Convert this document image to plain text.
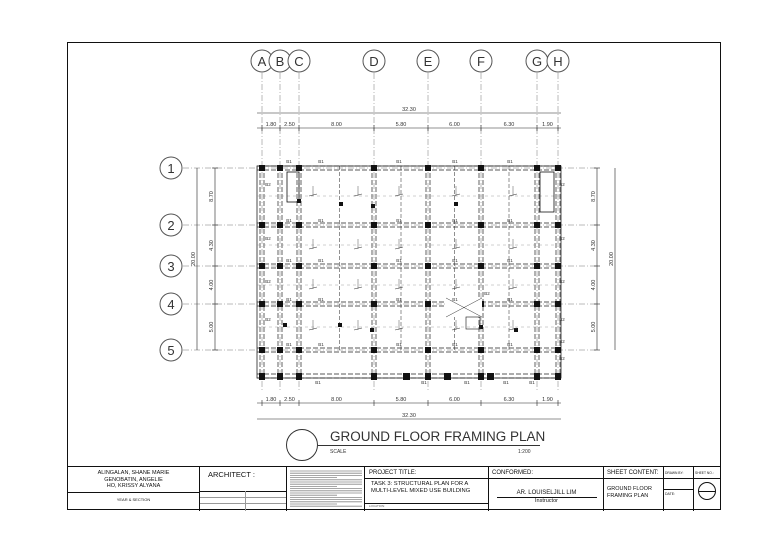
A B C	D	E	F	G H
1
2
3
4
5
1.80 2.50	8.00	5.80	6.00	6.30	1.90
32.30
1.80 2.50	8.00	5.80	6.00	6.30	1.90
32.30
8.70
4.30
4.00
5.00
20.00
8.70
4.30
4.00
5.00
20.00
B1	B1	B1	B1	B1
B1	B1	B1	B1	B1
B1	B1	B1	B1	B1
B1	B1	B1	B1	B1
B1	B1	B1	B1	B1
B1	B1	B1	B1	B1
B2
B2
B2
B2
B2
B2
B2
B2
B2
B2
B2
GROUND FLOOR FRAMING PLAN
SCALE	1:200
ALINGALAN, SHANE MARIE
GENOBATIN, ANGELIE
HO, KRISSY ALYANA
YEAR & SECTION
ARCHITECT :	PROJECT TITLE:
TASK 3: STRUCTURAL PLAN FOR A MULTI-LEVEL MIXED USE BUILDING
LOCATION:
CONFORMED:
AR. LOUISELJILL LIM
Instructor
SHEET CONTENT:
GROUND FLOOR FRAMING PLAN
DRAWN BY:
DATE:
SHEET NO.:
